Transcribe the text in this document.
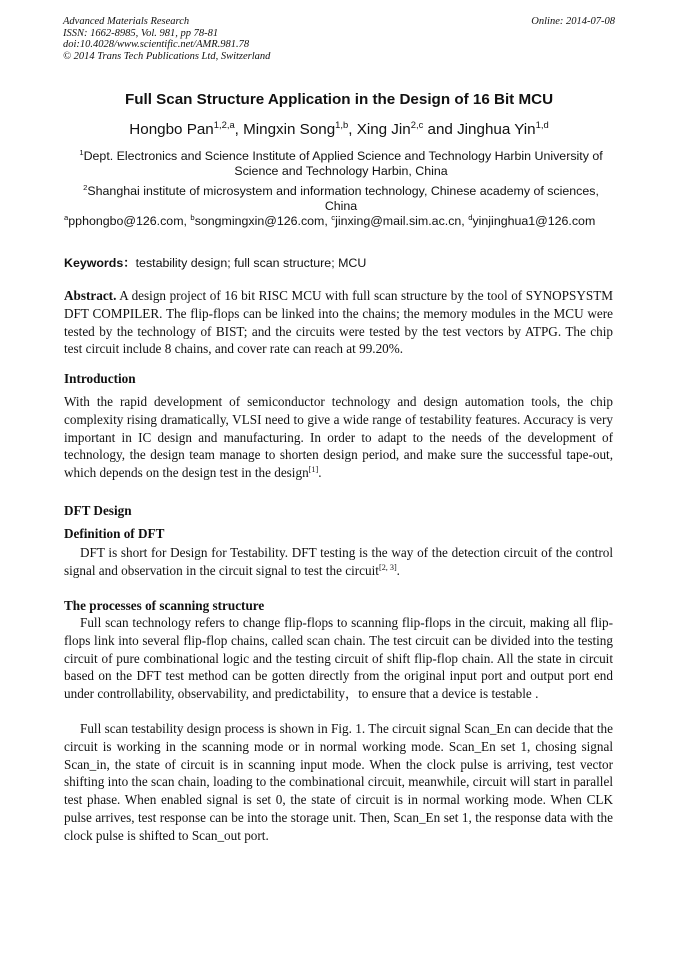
Advanced Materials Research
ISSN: 1662-8985, Vol. 981, pp 78-81
doi:10.4028/www.scientific.net/AMR.981.78
© 2014 Trans Tech Publications Ltd, Switzerland
Online: 2014-07-08
Full Scan Structure Application in the Design of 16 Bit MCU
Hongbo Pan$^{1,2,a}$, Mingxin Song$^{1,b}$, Xing Jin$^{2,c}$ and Jinghua Yin$^{1,d}$
$^1$Dept. Electronics and Science Institute of Applied Science and Technology Harbin University of Science and Technology Harbin, China
$^2$Shanghai institute of microsystem and information technology, Chinese academy of sciences, China
$^a$pphongbo@126.com, $^b$songmingxin@126.com, $^c$jinxing@mail.sim.ac.cn, $^d$yinjinghua1@126.com
Keywords：testability design; full scan structure; MCU
Abstract. A design project of 16 bit RISC MCU with full scan structure by the tool of SYNOPSYSTM DFT COMPILER. The flip-flops can be linked into the chains; the memory modules in the MCU were tested by the technology of BIST; and the circuits were tested by the test vectors by ATPG. The chip test circuit include 8 chains, and cover rate can reach at 99.20%.
Introduction
With the rapid development of semiconductor technology and design automation tools, the chip complexity rising dramatically, VLSI need to give a wide range of testability features. Accuracy is very important in IC design and manufacturing. In order to adapt to the needs of the development of technology, the design team manage to shorten design period, and make sure the successful tape-out, which depends on the design test in the design[1].
DFT Design
Definition of DFT
DFT is short for Design for Testability. DFT testing is the way of the detection circuit of the control signal and observation in the circuit signal to test the circuit[2, 3].
The processes of scanning structure
Full scan technology refers to change flip-flops to scanning flip-flops in the circuit, making all flip-flops link into several flip-flop chains, called scan chain. The test circuit can be divided into the testing circuit of pure combinational logic and the testing circuit of shift flip-flop chain. All the state in circuit based on the DFT test method can be gotten directly from the original input port and output port end under controllability, observability, and predictability，to ensure that a device is testable .
Full scan testability design process is shown in Fig. 1. The circuit signal Scan_En can decide that the circuit is working in the scanning mode or in normal working mode. Scan_En set 1, chosing signal Scan_in, the state of circuit is in scanning input mode. When the clock pulse is arriving, test vector shifting into the scan chain, loading to the combinational circuit, meanwhile, circuit will start in parallel test phase. When enabled signal is set 0, the state of circuit is in normal working mode. When CLK pulse arrives, test response can be into the storage unit. Then, Scan_En set 1, the response data with the clock pulse is shifted to Scan_out port.
